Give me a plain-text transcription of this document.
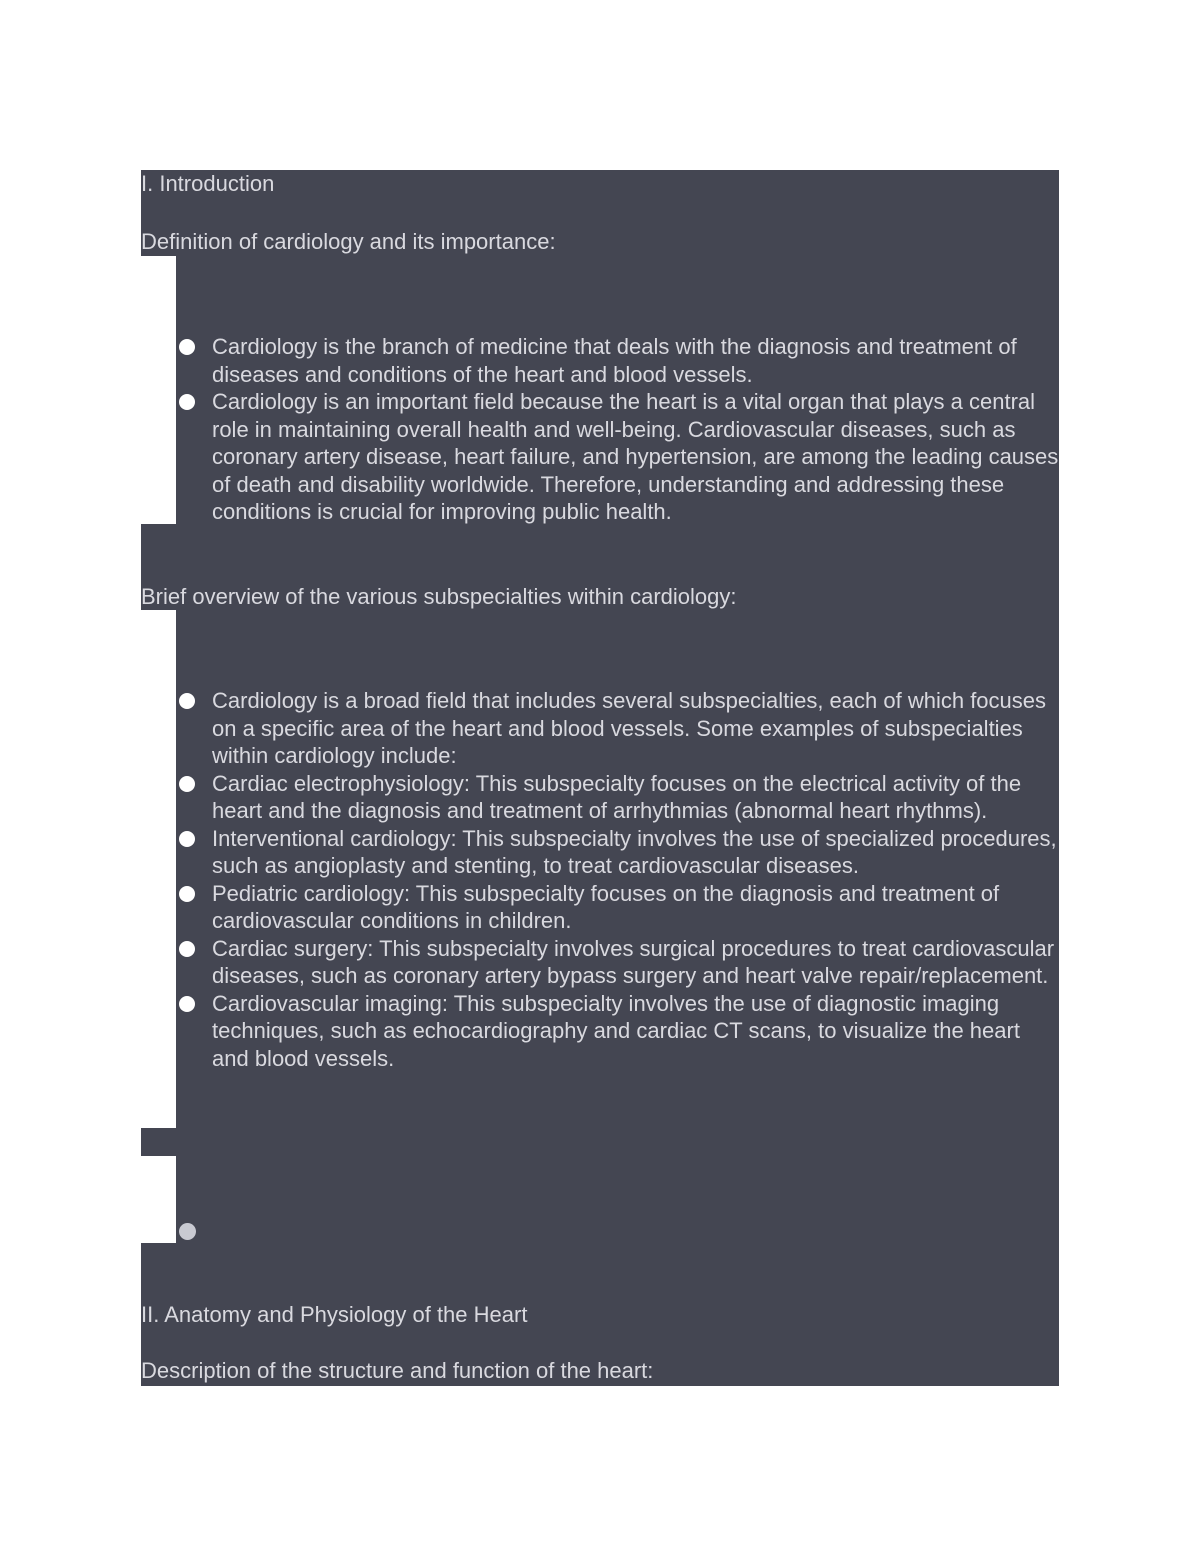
I. Introduction
Definition of cardiology and its importance:
Cardiology is the branch of medicine that deals with the diagnosis and treatment of diseases and conditions of the heart and blood vessels.
Cardiology is an important field because the heart is a vital organ that plays a central role in maintaining overall health and well-being. Cardiovascular diseases, such as coronary artery disease, heart failure, and hypertension, are among the leading causes of death and disability worldwide. Therefore, understanding and addressing these conditions is crucial for improving public health.
Brief overview of the various subspecialties within cardiology:
Cardiology is a broad field that includes several subspecialties, each of which focuses on a specific area of the heart and blood vessels. Some examples of subspecialties within cardiology include:
Cardiac electrophysiology: This subspecialty focuses on the electrical activity of the heart and the diagnosis and treatment of arrhythmias (abnormal heart rhythms).
Interventional cardiology: This subspecialty involves the use of specialized procedures, such as angioplasty and stenting, to treat cardiovascular diseases.
Pediatric cardiology: This subspecialty focuses on the diagnosis and treatment of cardiovascular conditions in children.
Cardiac surgery: This subspecialty involves surgical procedures to treat cardiovascular diseases, such as coronary artery bypass surgery and heart valve repair/replacement.
Cardiovascular imaging: This subspecialty involves the use of diagnostic imaging techniques, such as echocardiography and cardiac CT scans, to visualize the heart and blood vessels.
II. Anatomy and Physiology of the Heart
Description of the structure and function of the heart:
